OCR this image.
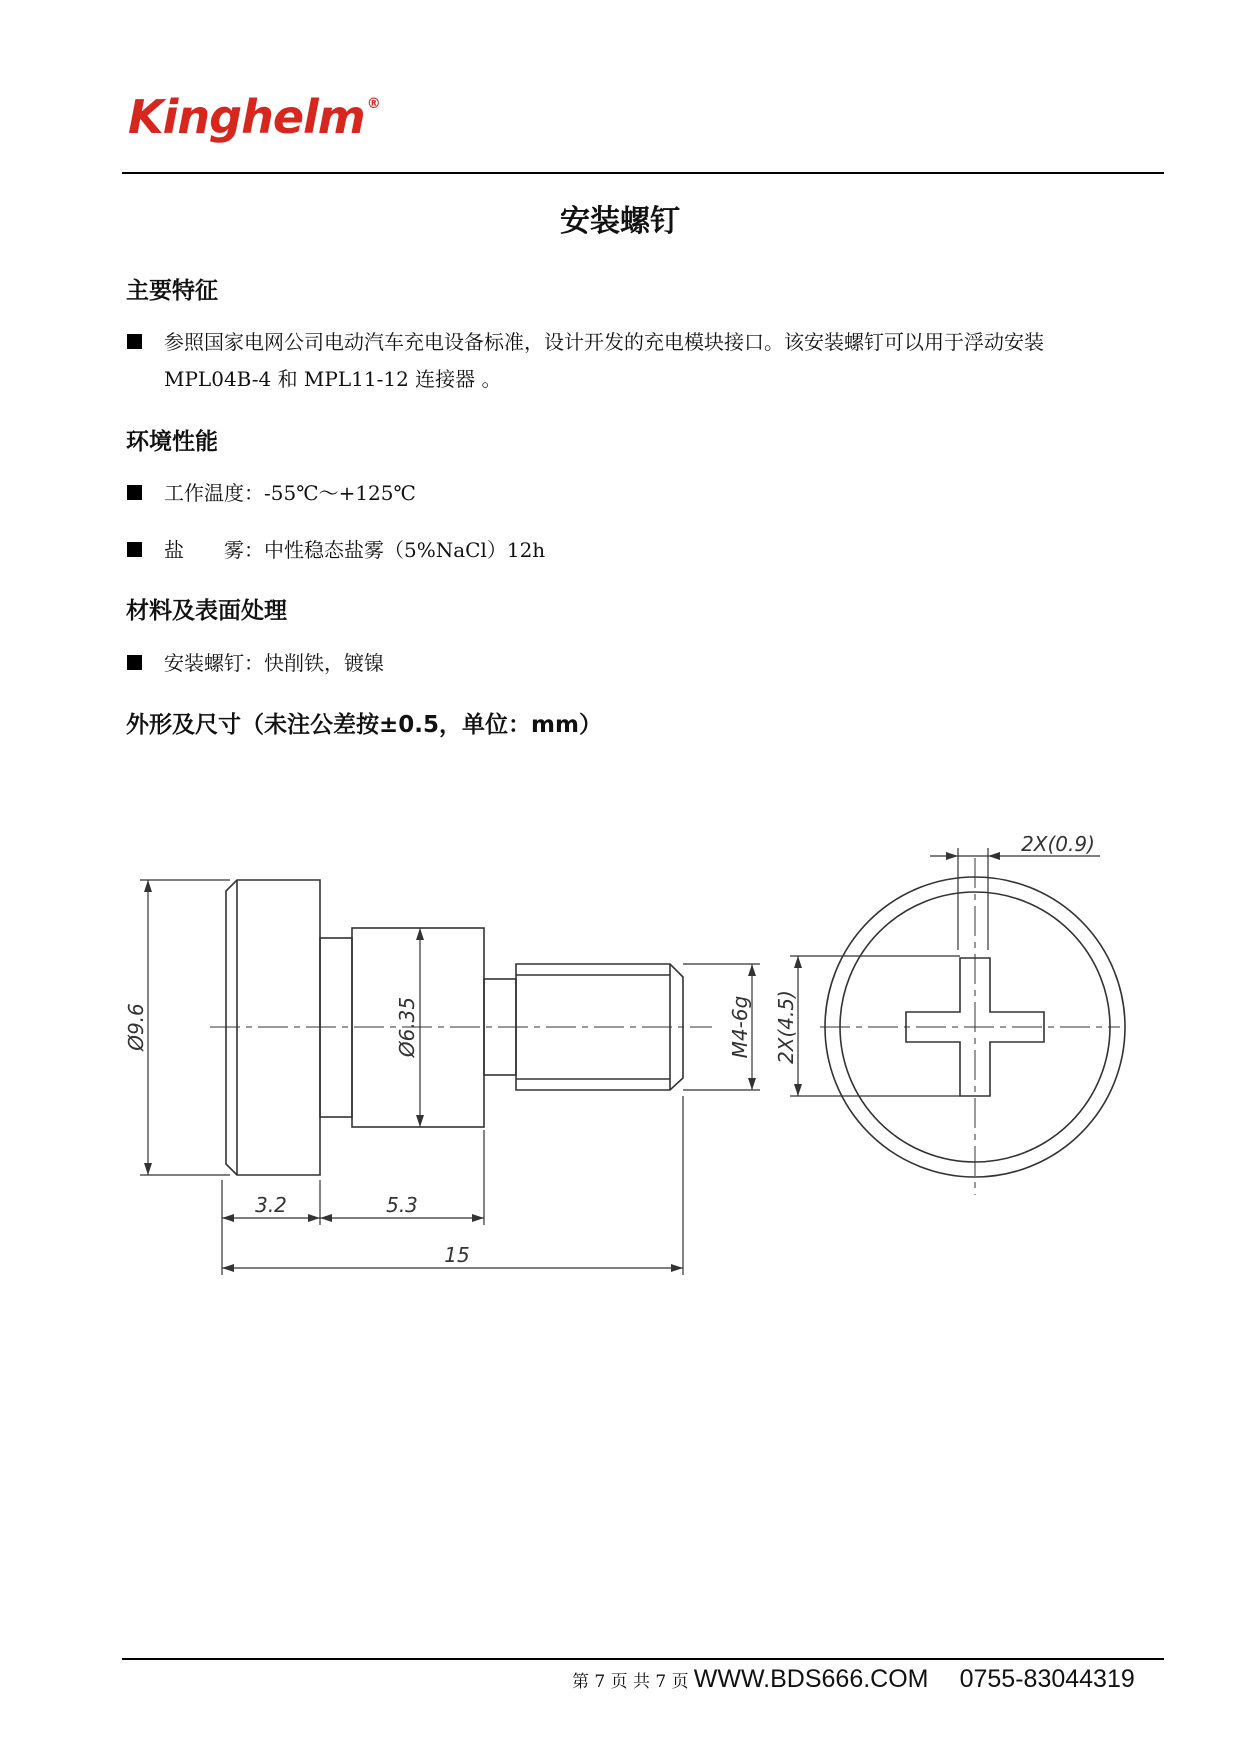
Kinghelm ®
安装螺钉
主要特征
参照国家电网公司电动汽车充电设备标准，设计开发的充电模块接口。该安装螺钉可以用于浮动安装
MPL04B-4 和 MPL11-12 连接器 。
环境性能
工作温度：-55℃～+125℃
盐　　雾：中性稳态盐雾（5%NaCl）12h
材料及表面处理
安装螺钉：快削铁，镀镍
外形及尺寸（未注公差按±0.5，单位：mm）
Ø9.6	Ø6.35	M4-6g 2X(4.5)
2X(0.9)
3.2	5.3
15
第 7 页 共 7 页 WWW.BDS666.COM 0755-83044319
